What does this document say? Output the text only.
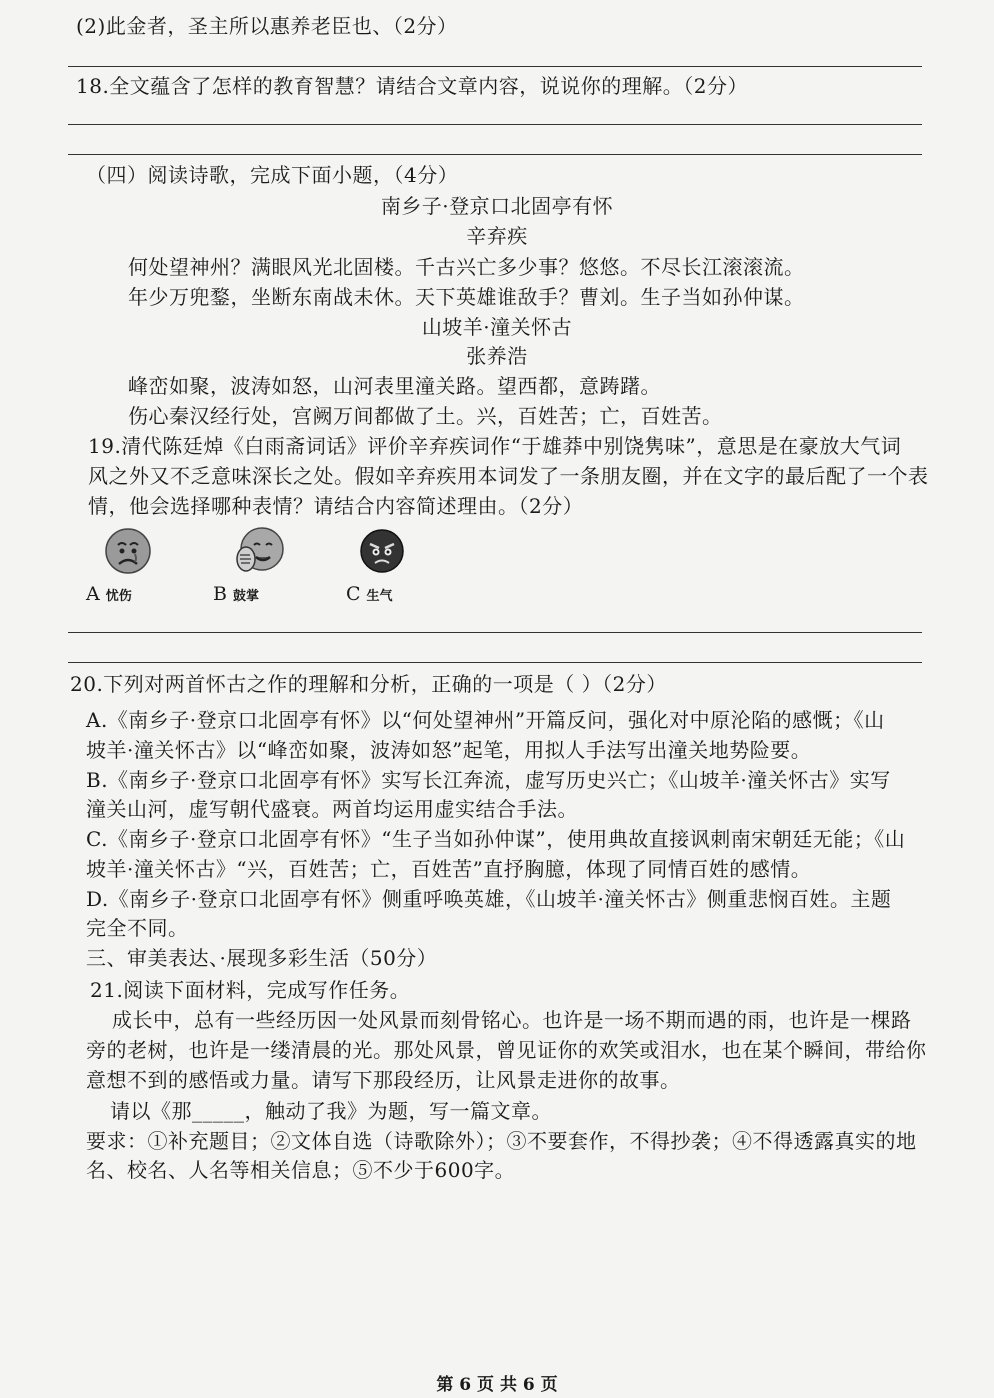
(2)此金者，圣主所以惠养老臣也、（2分）
18.全文蕴含了怎样的教育智慧？请结合文章内容，说说你的理解。（2分）
（四）阅读诗歌，完成下面小题，（4分）
南乡子·登京口北固亭有怀
辛弃疾
何处望神州？满眼风光北固楼。千古兴亡多少事？悠悠。不尽长江滚滚流。
年少万兜鍪，坐断东南战未休。天下英雄谁敌手？曹刘。生子当如孙仲谋。
山坡羊·潼关怀古
张养浩
峰峦如聚，波涛如怒，山河表里潼关路。望西都，意踌躇。
伤心秦汉经行处，宫阙万间都做了土。兴，百姓苦；亡，百姓苦。
19.清代陈廷焯《白雨斋词话》评价辛弃疾词作“于雄莽中别饶隽味”，意思是在豪放大气词
风之外又不乏意味深长之处。假如辛弃疾用本词发了一条朋友圈，并在文字的最后配了一个表
情，他会选择哪种表情？请结合内容简述理由。（2分）
A 忧伤	B 鼓掌	C 生气
20.下列对两首怀古之作的理解和分析，正确的一项是（ ）（2分）
A.《南乡子·登京口北固亭有怀》以“何处望神州”开篇反问，强化对中原沦陷的感慨；《山
坡羊·潼关怀古》以“峰峦如聚，波涛如怒”起笔，用拟人手法写出潼关地势险要。
B.《南乡子·登京口北固亭有怀》实写长江奔流，虚写历史兴亡；《山坡羊·潼关怀古》实写
潼关山河，虚写朝代盛衰。两首均运用虚实结合手法。
C.《南乡子·登京口北固亭有怀》“生子当如孙仲谋”，使用典故直接讽刺南宋朝廷无能；《山
坡羊·潼关怀古》“兴，百姓苦；亡，百姓苦”直抒胸臆，体现了同情百姓的感情。
D.《南乡子·登京口北固亭有怀》侧重呼唤英雄，《山坡羊·潼关怀古》侧重悲悯百姓。主题
完全不同。
三、审美表达、·展现多彩生活（50分）
21.阅读下面材料，完成写作任务。
成长中，总有一些经历因一处风景而刻骨铭心。也许是一场不期而遇的雨，也许是一棵路
旁的老树，也许是一缕清晨的光。那处风景，曾见证你的欢笑或泪水，也在某个瞬间，带给你
意想不到的感悟或力量。请写下那段经历，让风景走进你的故事。
请以《那_____，触动了我》为题，写一篇文章。
要求：①补充题目；②文体自选（诗歌除外）；③不要套作，不得抄袭；④不得透露真实的地
名、校名、人名等相关信息；⑤不少于600字。
第 6 页 共 6 页
